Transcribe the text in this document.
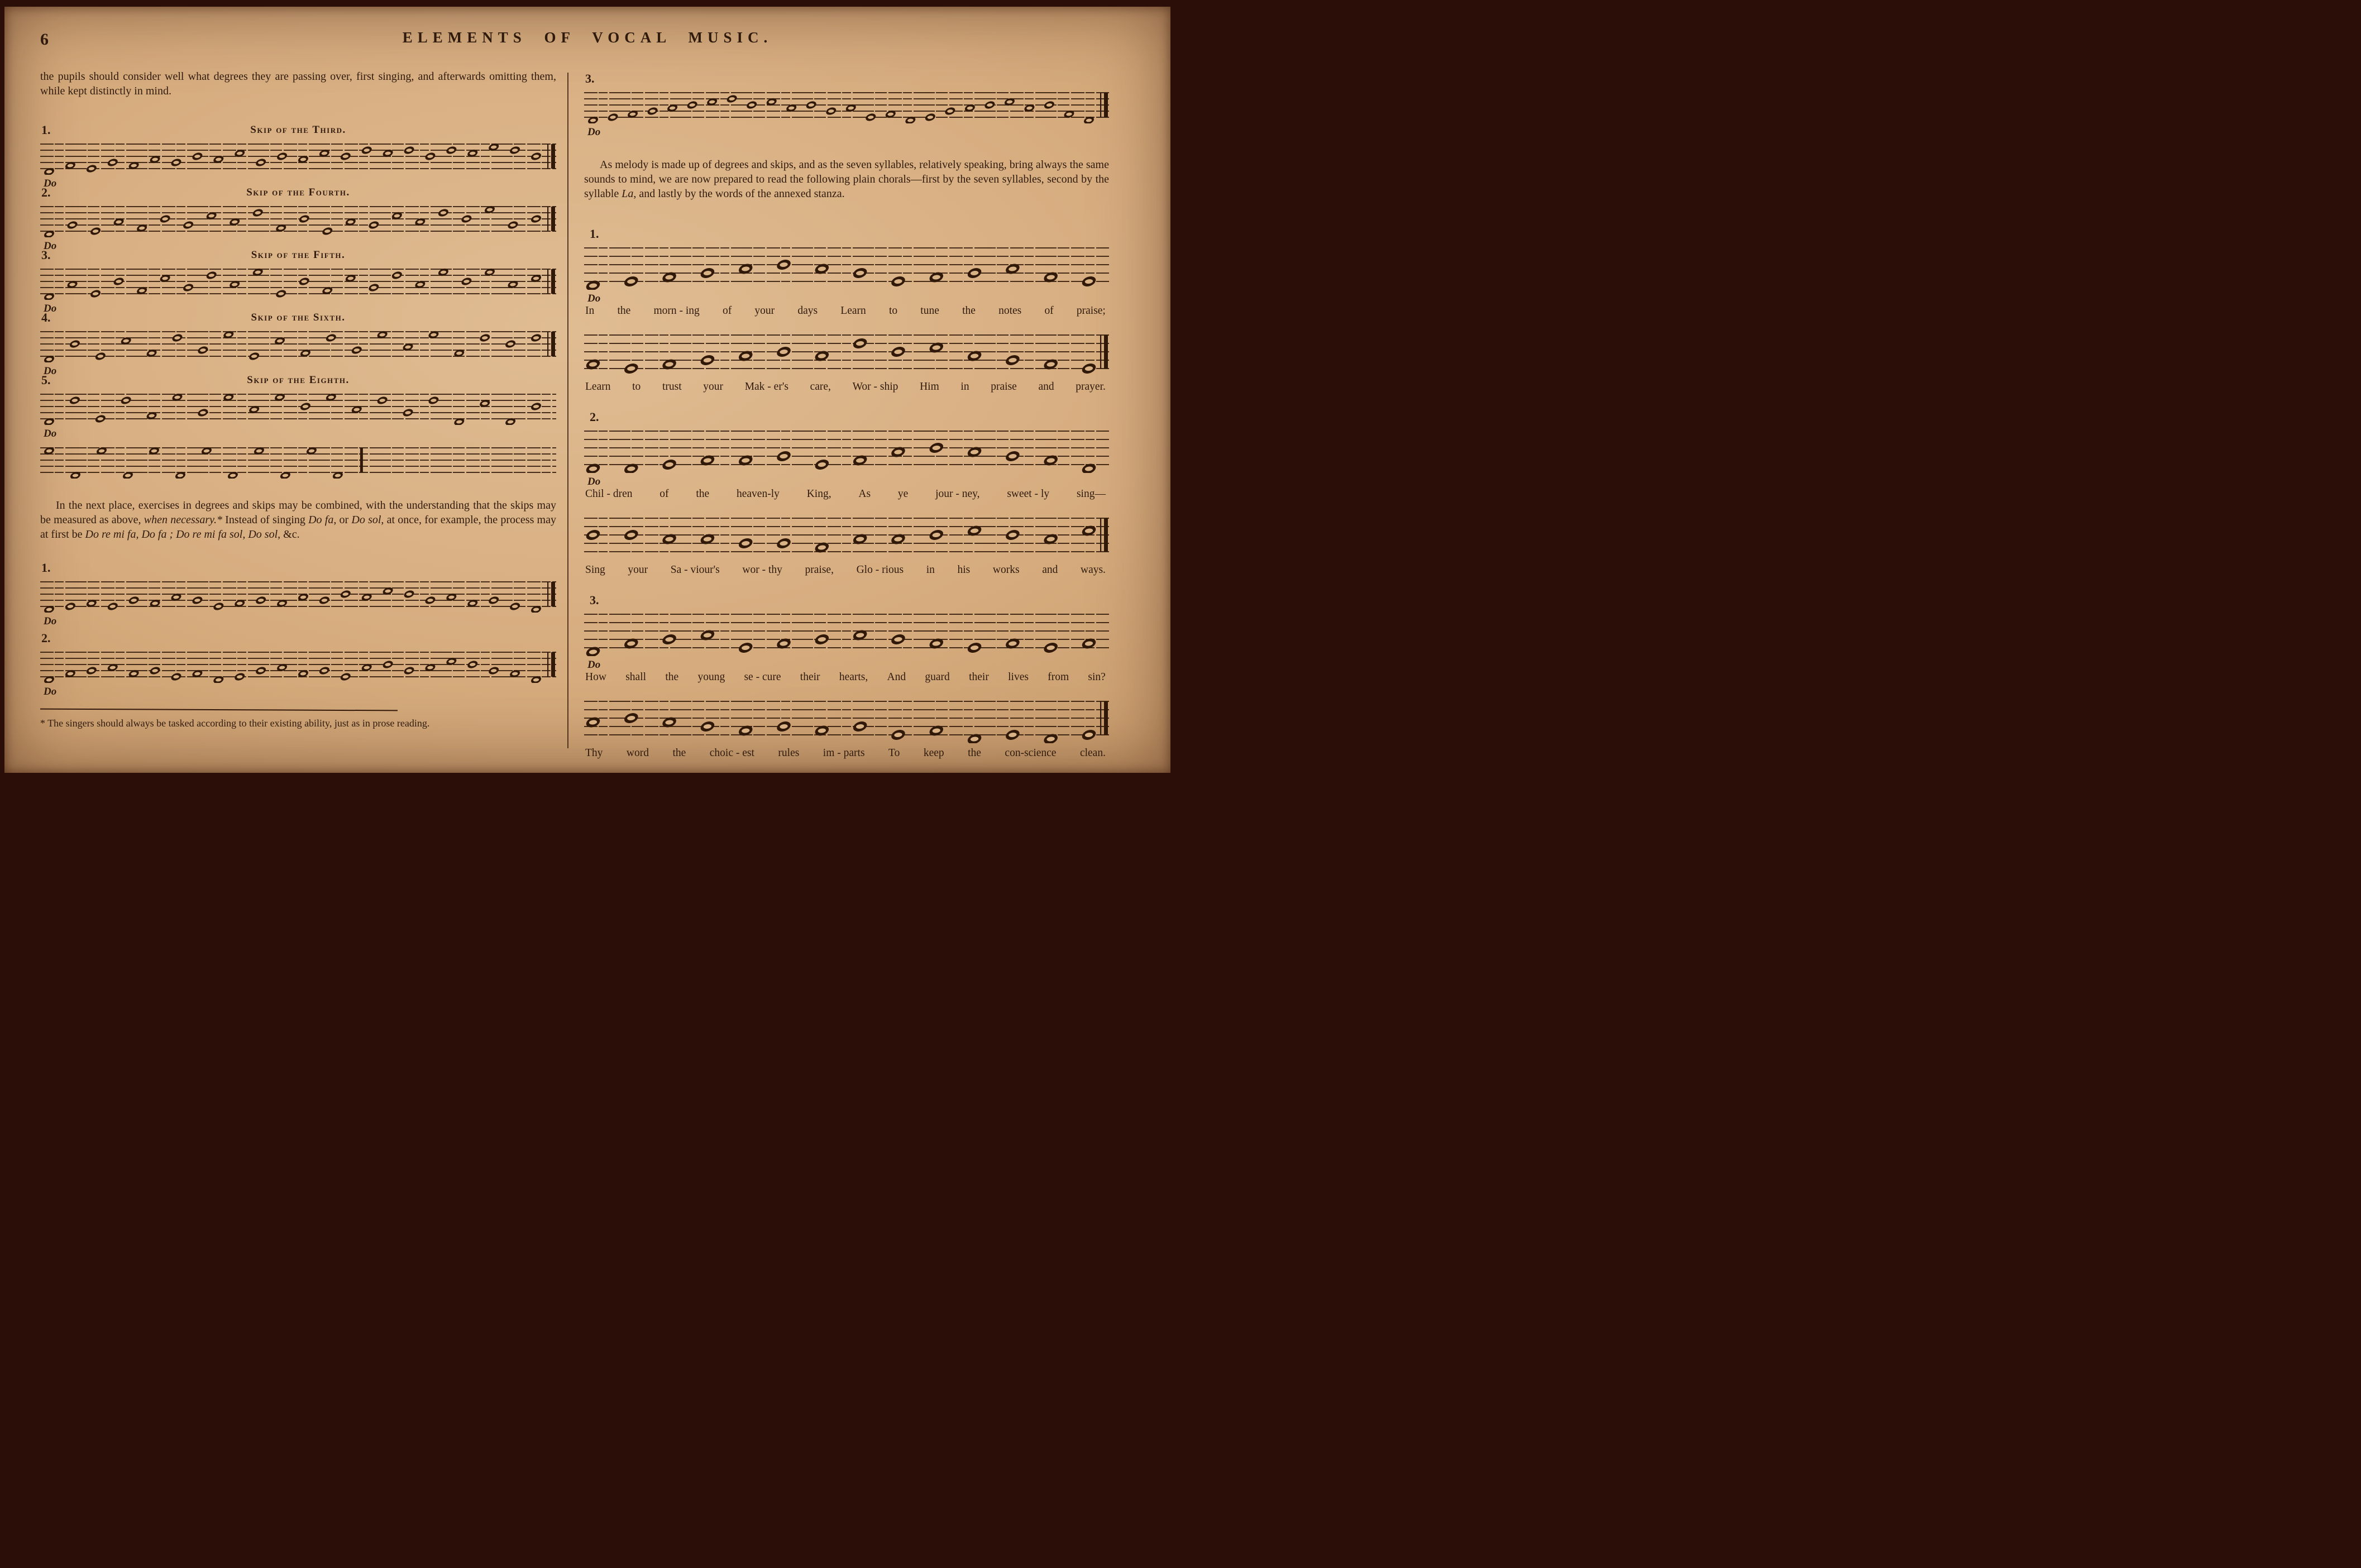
6	ELEMENTS OF VOCAL MUSIC.

the pupils should consider well what degrees they are passing over, first singing, and afterwards omitting them, while kept distinctly in mind.

1.	Skip of the Third.
Do
2.	Skip of the Fourth.
Do
3.	Skip of the Fifth.
Do
4.	Skip of the Sixth.
Do
5.	Skip of the Eighth.
Do

In the next place, exercises in degrees and skips may be combined, with the understanding that the skips may be measured as above, when necessary.* Instead of singing Do fa, or Do sol, at once, for example, the process may at first be Do re mi fa, Do fa ; Do re mi fa sol, Do sol, &c.

1.
Do
2.
Do

* The singers should always be tasked according to their existing ability, just as in prose reading.

3.
Do

As melody is made up of degrees and skips, and as the seven syllables, relatively speaking, bring always the same sounds to mind, we are now prepared to read the following plain chorals—first by the seven syllables, second by the syllable La, and lastly by the words of the annexed stanza.

1.
Do
In the morn - ing of your days Learn to tune the notes of praise;
Learn to trust your Mak - er's care, Wor - ship Him in praise and prayer.
2.
Do
Chil - dren	of	the	heaven-ly	King,	As	ye	jour - ney,	sweet - ly	sing—
Sing your Sa - viour's wor - thy praise, Glo - rious in his works and ways.
3.
Do
How shall the young se - cure their hearts, And guard their lives from sin?
Thy word the choic - est rules im - parts To keep the con-science clean.
